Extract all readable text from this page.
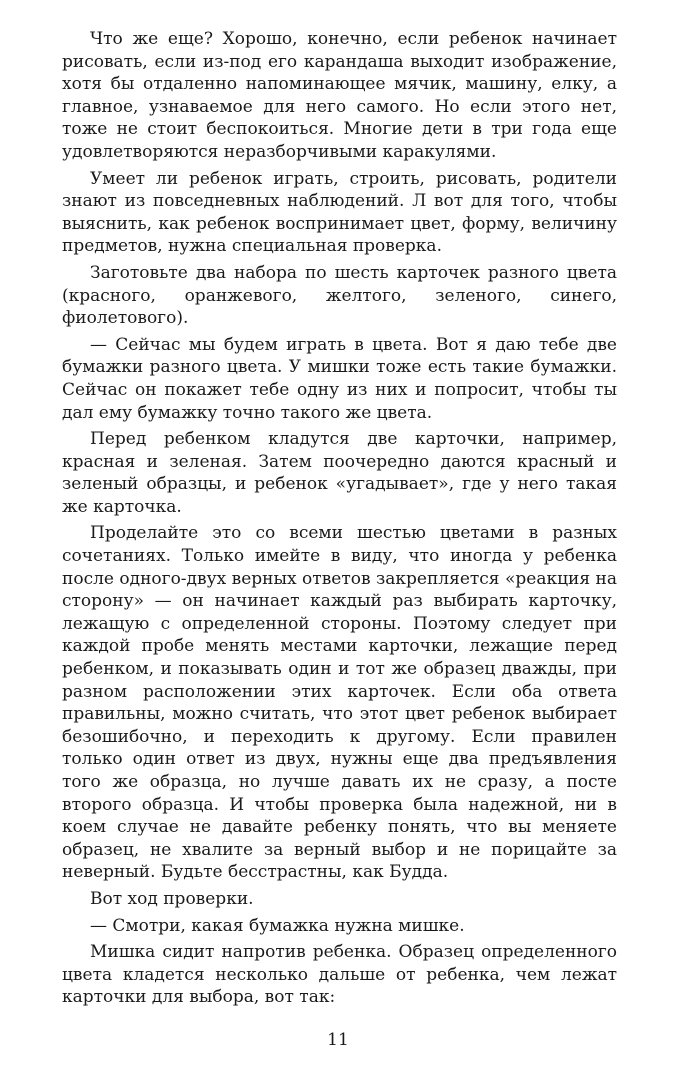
Что же еще? Хорошо, конечно, если ребенок начинает рисовать, если из-под его карандаша выходит изображение, хотя бы отдаленно напоминающее мячик, машину, елку, а главное, узнаваемое для него самого. Но если этого нет, тоже не стоит беспокоиться. Многие дети в три года еще удовлетворяются неразборчивыми каракулями.

Умеет ли ребенок играть, строить, рисовать, родители знают из повседневных наблюдений. Л вот для того, чтобы выяснить, как ребенок воспринимает цвет, форму, величину предметов, нужна специальная проверка.

Заготовьте два набора по шесть карточек разного цвета (красного, оранжевого, желтого, зеленого, синего, фиолетового).

— Сейчас мы будем играть в цвета. Вот я даю тебе две бумажки разного цвета. У мишки тоже есть такие бумажки. Сейчас он покажет тебе одну из них и попросит, чтобы ты дал ему бумажку точно такого же цвета.

Перед ребенком кладутся две карточки, например, красная и зеленая. Затем поочередно даются красный и зеленый образцы, и ребенок «угадывает», где у него такая же карточка.

Проделайте это со всеми шестью цветами в разных сочетаниях. Только имейте в виду, что иногда у ребенка после одного-двух верных ответов закрепляется «реакция на сторону» — он начинает каждый раз выбирать карточку, лежащую с определенной стороны. Поэтому следует при каждой пробе менять местами карточки, лежащие перед ребенком, и показывать один и тот же образец дважды, при разном расположении этих карточек. Если оба ответа правильны, можно считать, что этот цвет ребенок выбирает безошибочно, и переходить к другому. Если правилен только один ответ из двух, нужны еще два предъявления того же образца, но лучше давать их не сразу, а посте второго образца. И чтобы проверка была надежной, ни в коем случае не давайте ребенку понять, что вы меняете образец, не хвалите за верный выбор и не порицайте за неверный. Будьте бесстрастны, как Будда.

Вот ход проверки.

— Смотри, какая бумажка нужна мишке.

Мишка сидит напротив ребенка. Образец определенного цвета кладется несколько дальше от ребенка, чем лежат карточки для выбора, вот так:

11
